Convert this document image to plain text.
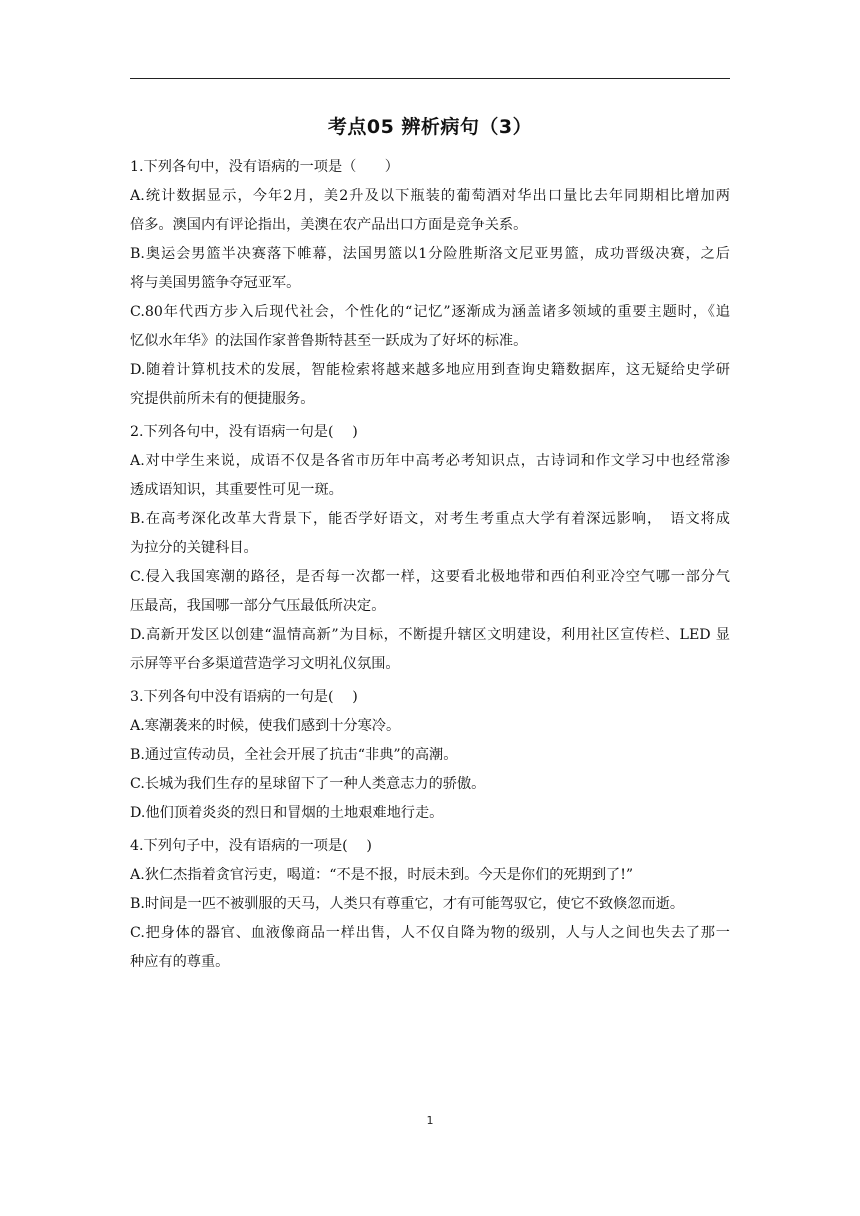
考点05 辨析病句（3）
1.下列各句中，没有语病的一项是（　　）
A.统计数据显示，今年2月，美2升及以下瓶装的葡萄酒对华出口量比去年同期相比增加两
倍多。澳国内有评论指出，美澳在农产品出口方面是竞争关系。
B.奥运会男篮半决赛落下帷幕，法国男篮以1分险胜斯洛文尼亚男篮，成功晋级决赛，之后
将与美国男篮争夺冠亚军。
C.80年代西方步入后现代社会，个性化的“记忆”逐渐成为涵盖诸多领域的重要主题时，《追
忆似水年华》的法国作家普鲁斯特甚至一跃成为了好坏的标准。
D.随着计算机技术的发展，智能检索将越来越多地应用到查询史籍数据库，这无疑给史学研
究提供前所未有的便捷服务。
2.下列各句中，没有语病一句是(　 )
A.对中学生来说，成语不仅是各省市历年中高考必考知识点，古诗词和作文学习中也经常渗
透成语知识，其重要性可见一斑。
B.在高考深化改革大背景下，能否学好语文，对考生考重点大学有着深远影响，　语文将成
为拉分的关键科目。
C.侵入我国寒潮的路径，是否每一次都一样，这要看北极地带和西伯利亚冷空气哪一部分气
压最高，我国哪一部分气压最低所决定。
D.高新开发区以创建“温情高新”为目标，不断提升辖区文明建设，利用社区宣传栏、LED 显
示屏等平台多渠道营造学习文明礼仪氛围。
3.下列各句中没有语病的一句是(　 )
A.寒潮袭来的时候，使我们感到十分寒冷。
B.通过宣传动员，全社会开展了抗击“非典”的高潮。
C.长城为我们生存的星球留下了一种人类意志力的骄傲。
D.他们顶着炎炎的烈日和冒烟的土地艰难地行走。
4.下列句子中，没有语病的一项是(　 )
A.狄仁杰指着贪官污吏，喝道：“不是不报，时辰未到。今天是你们的死期到了!”
B.时间是一匹不被驯服的天马，人类只有尊重它，才有可能驾驭它，使它不致倏忽而逝。
C.把身体的器官、血液像商品一样出售，人不仅自降为物的级别，人与人之间也失去了那一
种应有的尊重。
1
